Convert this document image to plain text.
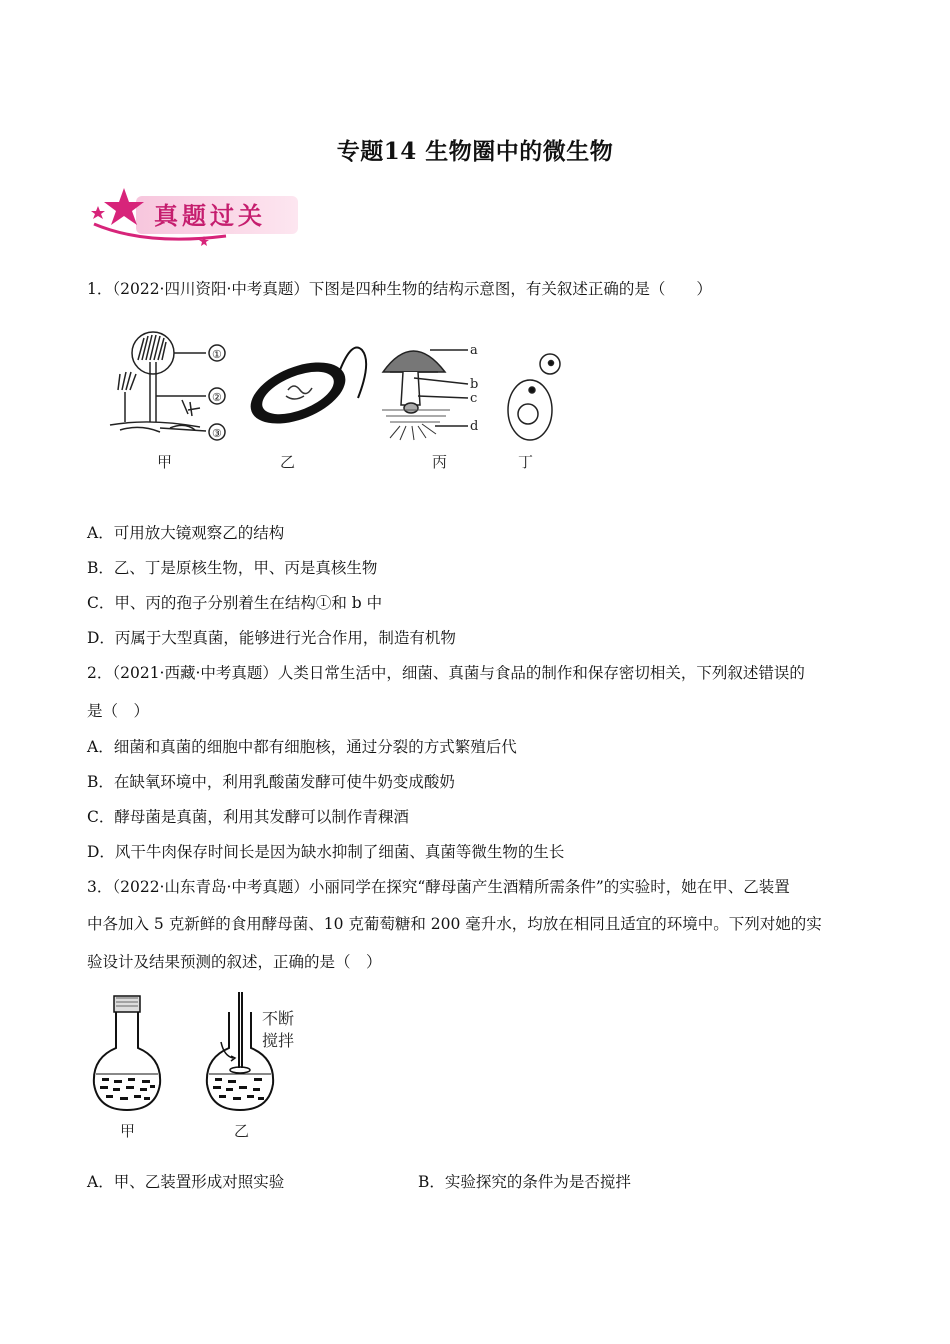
专题14 生物圈中的微生物
真题过关
1．（2022·四川资阳·中考真题）下图是四种生物的结构示意图，有关叙述正确的是（　　）
①
②
③
甲	乙
a
b
c
d
丙	丁
A．可用放大镜观察乙的结构
B．乙、丁是原核生物，甲、丙是真核生物
C．甲、丙的孢子分别着生在结构①和 b 中
D．丙属于大型真菌，能够进行光合作用，制造有机物
2．（2021·西藏·中考真题）人类日常生活中，细菌、真菌与食品的制作和保存密切相关，下列叙述错误的
是（　）
A．细菌和真菌的细胞中都有细胞核，通过分裂的方式繁殖后代
B．在缺氧环境中，利用乳酸菌发酵可使牛奶变成酸奶
C．酵母菌是真菌，利用其发酵可以制作青稞酒
D．风干牛肉保存时间长是因为缺水抑制了细菌、真菌等微生物的生长
3．（2022·山东青岛·中考真题）小丽同学在探究“酵母菌产生酒精所需条件”的实验时，她在甲、乙装置
中各加入 5 克新鲜的食用酵母菌、10 克葡萄糖和 200 毫升水，均放在相同且适宜的环境中。下列对她的实
验设计及结果预测的叙述，正确的是（　）
甲
不断
搅拌
乙
A．甲、乙装置形成对照实验	B．实验探究的条件为是否搅拌
